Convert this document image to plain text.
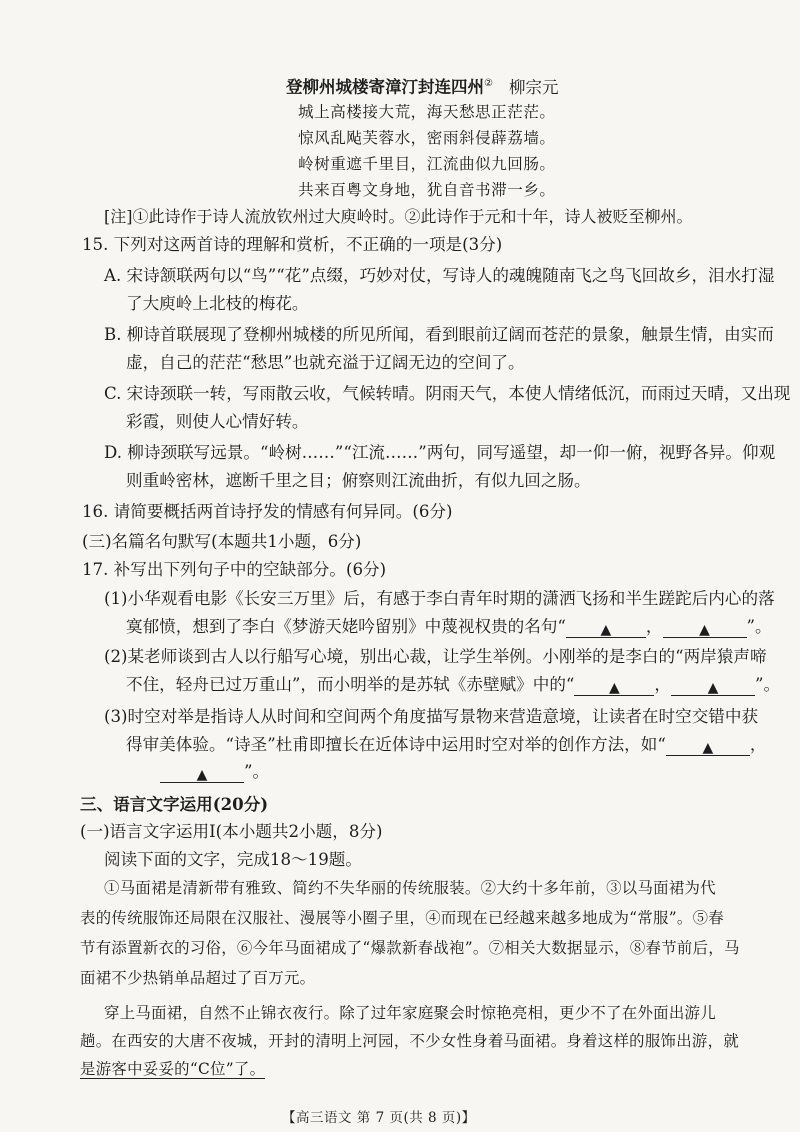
登柳州城楼寄漳汀封连四州② 柳宗元
城上高楼接大荒，海天愁思正茫茫。
惊风乱飐芙蓉水，密雨斜侵薜荔墙。
岭树重遮千里目，江流曲似九回肠。
共来百粤文身地，犹自音书滞一乡。
[注]①此诗作于诗人流放钦州过大庾岭时。②此诗作于元和十年，诗人被贬至柳州。
15. 下列对这两首诗的理解和赏析，不正确的一项是(3分)
A. 宋诗颔联两句以“鸟”“花”点缀，巧妙对仗，写诗人的魂魄随南飞之鸟飞回故乡，泪水打湿
了大庾岭上北枝的梅花。
B. 柳诗首联展现了登柳州城楼的所见所闻，看到眼前辽阔而苍茫的景象，触景生情，由实而
虚，自己的茫茫“愁思”也就充溢于辽阔无边的空间了。
C. 宋诗颈联一转，写雨散云收，气候转晴。阴雨天气，本使人情绪低沉，而雨过天晴，又出现
彩霞，则使人心情好转。
D. 柳诗颈联写远景。“岭树……”“江流……”两句，同写遥望，却一仰一俯，视野各异。仰观
则重岭密林，遮断千里之目；俯察则江流曲折，有似九回之肠。
16. 请简要概括两首诗抒发的情感有何异同。(6分)
(三)名篇名句默写(本题共1小题，6分)
17. 补写出下列句子中的空缺部分。(6分)
(1)小华观看电影《长安三万里》后，有感于李白青年时期的潇洒飞扬和半生蹉跎后内心的落
寞郁愤，想到了李白《梦游天姥吟留别》中蔑视权贵的名句“ ▲ ，	▲ ”。
(2)某老师谈到古人以行船写心境，别出心裁，让学生举例。小刚举的是李白的“两岸猿声啼
不住，轻舟已过万重山”，而小明举的是苏轼《赤壁赋》中的“ ▲ ，	▲ ”。
(3)时空对举是指诗人从时间和空间两个角度描写景物来营造意境，让读者在时空交错中获
得审美体验。“诗圣”杜甫即擅长在近体诗中运用时空对举的创作方法，如“	▲ ，
▲ ”。
三、语言文字运用(20分)
(一)语言文字运用Ⅰ(本小题共2小题，8分)
阅读下面的文字，完成18～19题。
①马面裙是清新带有雅致、简约不失华丽的传统服装。②大约十多年前，③以马面裙为代
表的传统服饰还局限在汉服社、漫展等小圈子里，④而现在已经越来越多地成为“常服”。⑤春
节有添置新衣的习俗，⑥今年马面裙成了“爆款新春战袍”。⑦相关大数据显示，⑧春节前后，马
面裙不少热销单品超过了百万元。
穿上马面裙，自然不止锦衣夜行。除了过年家庭聚会时惊艳亮相，更少不了在外面出游儿
趟。在西安的大唐不夜城，开封的清明上河园，不少女性身着马面裙。身着这样的服饰出游，就
是游客中妥妥的“C位”了。
【高三语文 第 7 页(共 8 页)】
